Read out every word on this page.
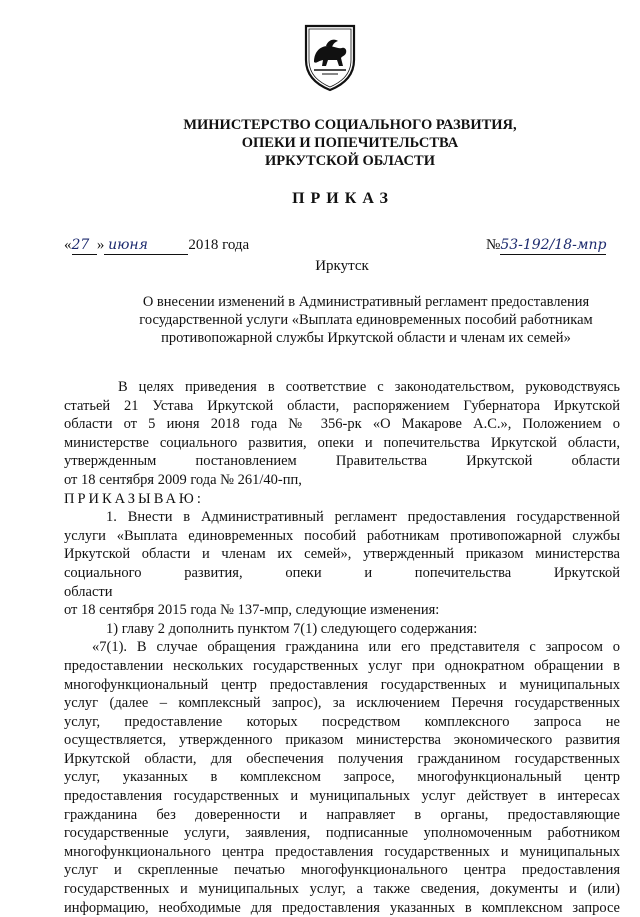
МИНИСТЕРСТВО СОЦИАЛЬНОГО РАЗВИТИЯ,
ОПЕКИ И ПОПЕЧИТЕЛЬСТВА
ИРКУТСКОЙ ОБЛАСТИ
ПРИКАЗ
«27 » июня	2018 года	№53-192/18-мпр
Иркутск
О внесении изменений в Административный регламент предоставления
государственной услуги «Выплата единовременных пособий работникам
противопожарной службы Иркутской области и членам их семей»

В целях приведения в соответствие с законодательством, руководствуясь
статьей 21 Устава Иркутской области, распоряжением Губернатора Иркутской
области от 5 июня 2018 года № 356-рк «О Макарове А.С.», Положением о
министерстве социального развития, опеки и попечительства Иркутской области,
утвержденным постановлением Правительства Иркутской области
от 18 сентября 2009 года № 261/40-пп,

ПРИКАЗЫВАЮ:

1. Внести в Административный регламент предоставления государственной
услуги «Выплата единовременных пособий работникам противопожарной службы
Иркутской области и членам их семей», утвержденный приказом министерства
социального развития, опеки и попечительства Иркутской области
от 18 сентября 2015 года № 137-мпр, следующие изменения:

1) главу 2 дополнить пунктом 7(1) следующего содержания:

«7(1). В случае обращения гражданина или его представителя с запросом о
предоставлении нескольких государственных услуг при однократном обращении в
многофункциональный центр предоставления государственных и муниципальных
услуг (далее – комплексный запрос), за исключением Перечня государственных
услуг, предоставление которых посредством комплексного запроса не
осуществляется, утвержденного приказом министерства экономического развития
Иркутской области, для обеспечения получения гражданином государственных
услуг, указанных в комплексном запросе, многофункциональный центр
предоставления государственных и муниципальных услуг действует в интересах
гражданина без доверенности и направляет в органы, предоставляющие
государственные услуги, заявления, подписанные уполномоченным работником
многофункционального центра предоставления государственных и муниципальных
услуг и скрепленные печатью многофункционального центра предоставления
государственных и муниципальных услуг, а также сведения, документы и (или)
информацию, необходимые для предоставления указанных в комплексном запросе
